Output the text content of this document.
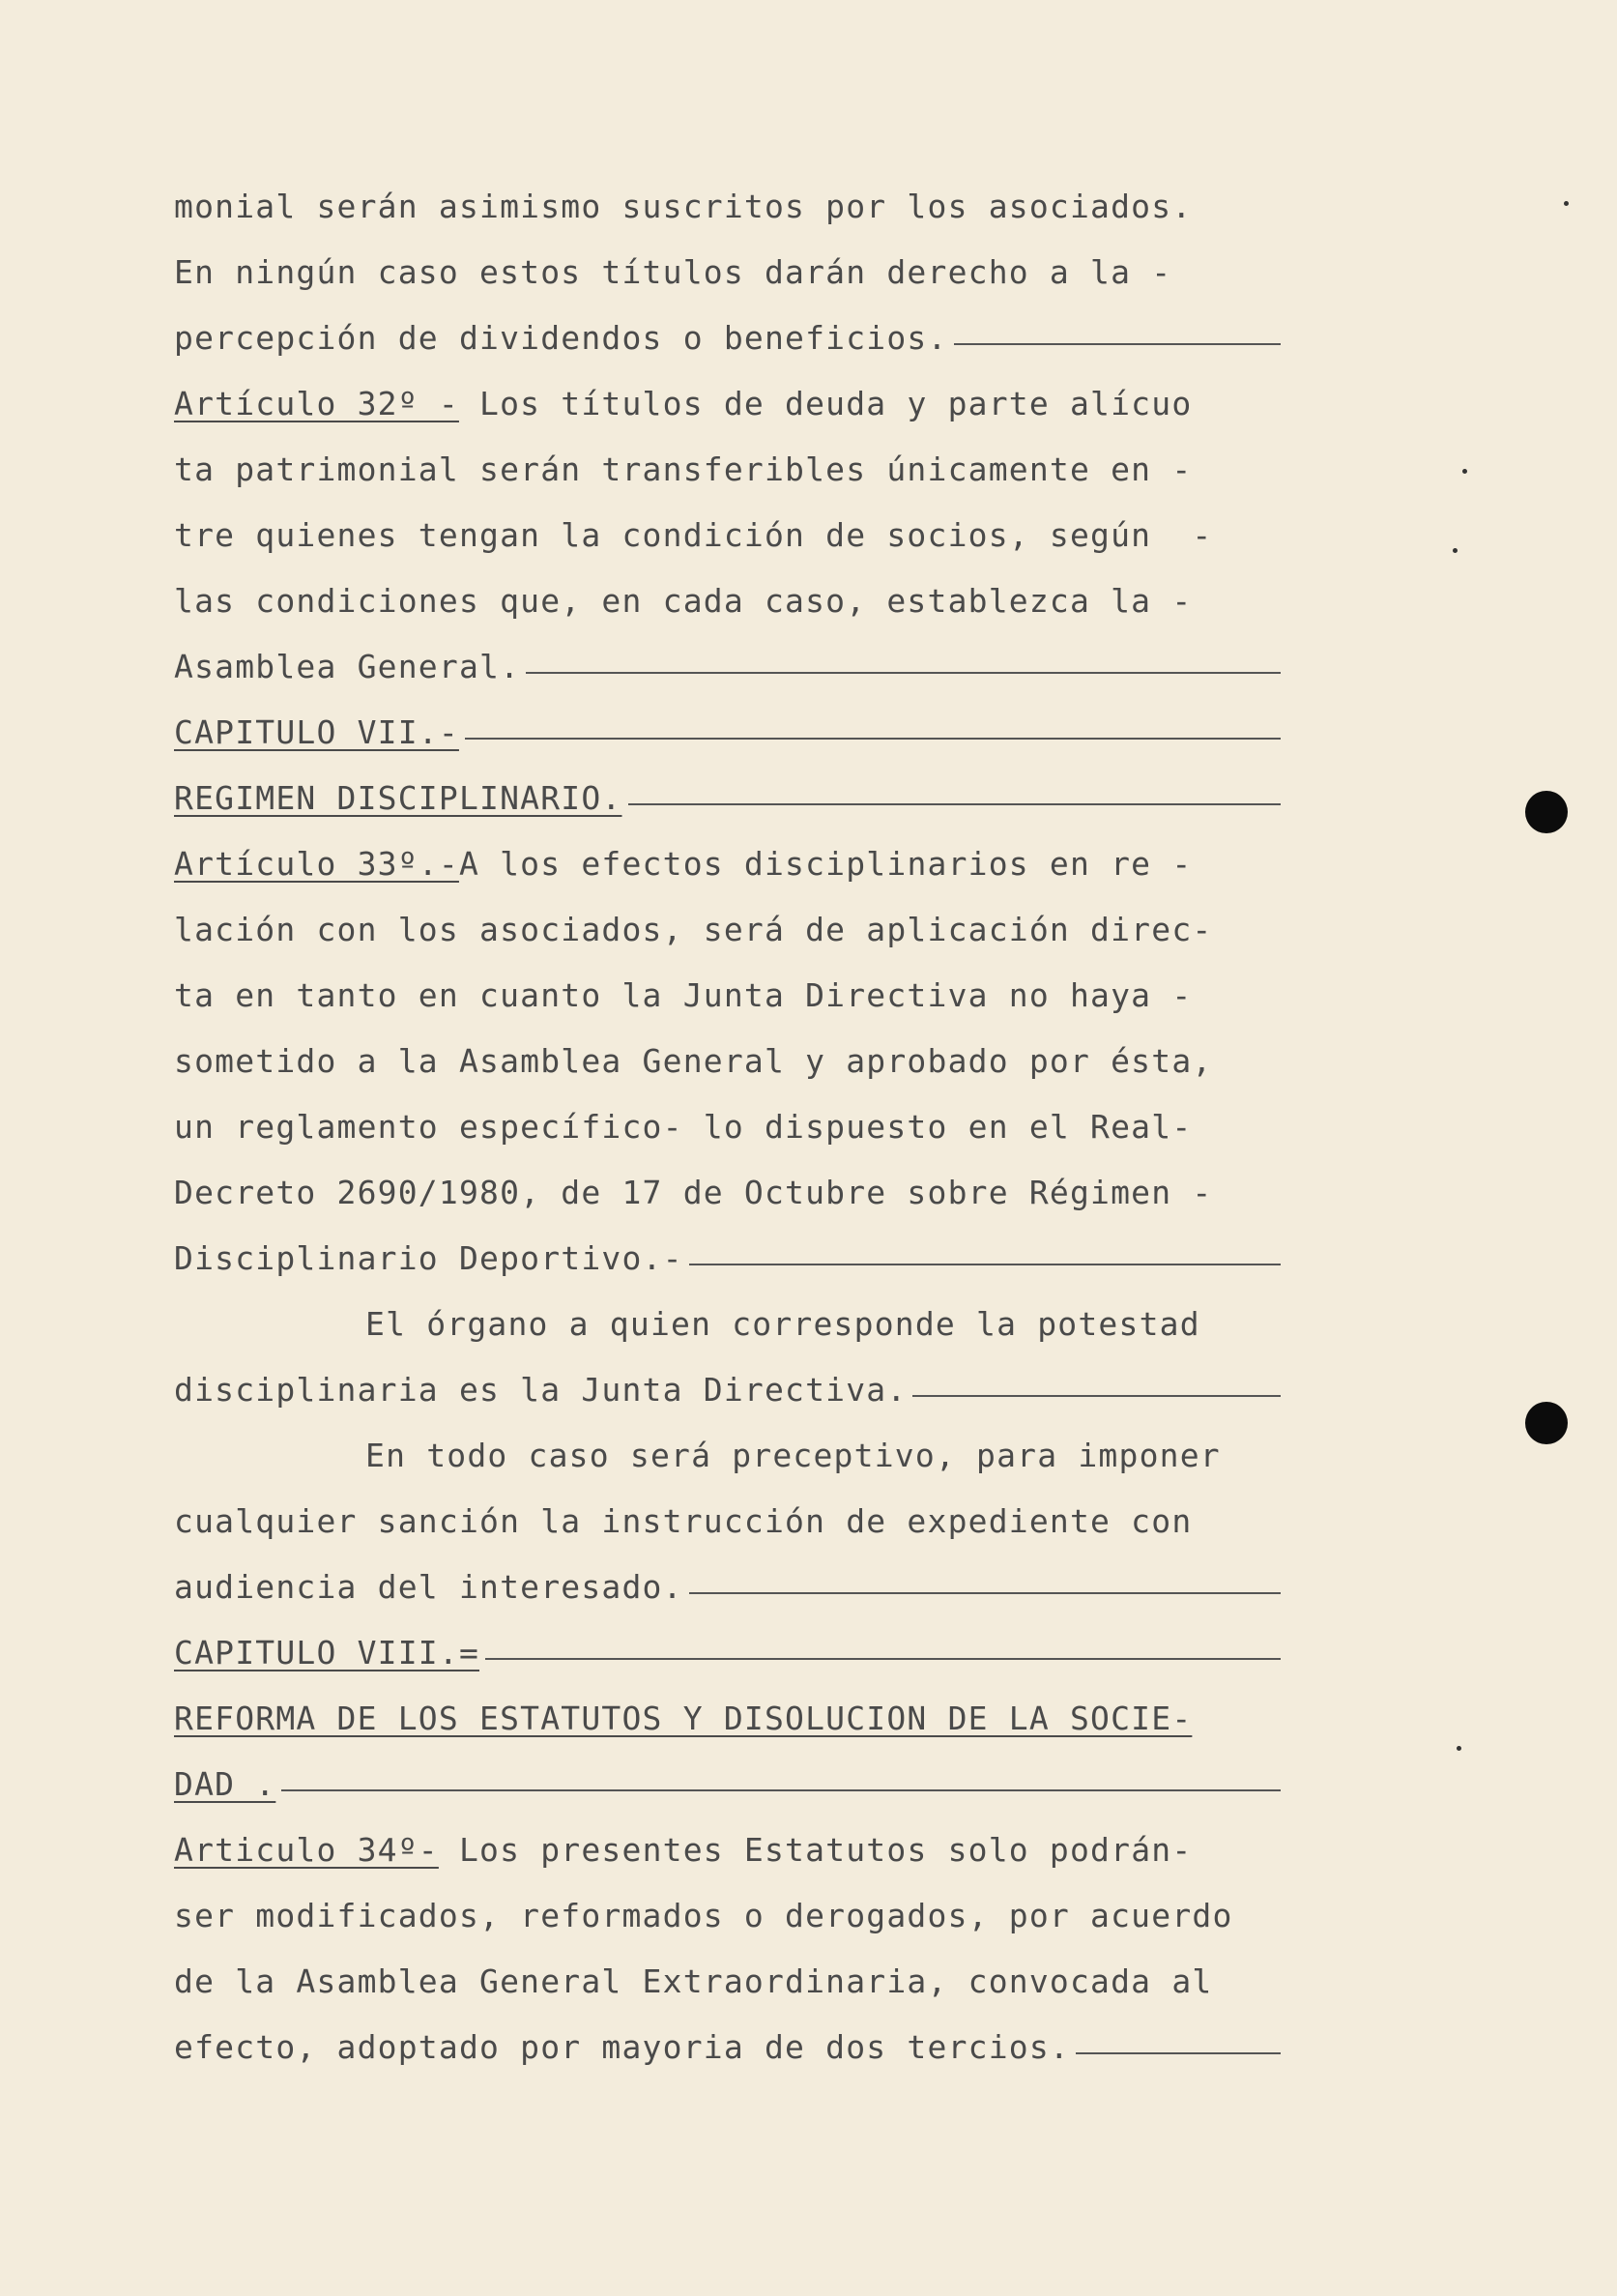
monial serán asimismo suscritos por los asociados.
En ningún caso estos títulos darán derecho a la -
percepción de dividendos o beneficios.
Artículo 32º - Los títulos de deuda y parte alícuo
ta patrimonial serán transferibles únicamente en -
tre quienes tengan la condición de socios, según  -
las condiciones que, en cada caso, establezca la -
Asamblea General.
CAPITULO VII.-
REGIMEN DISCIPLINARIO.
Artículo 33º.- A los efectos disciplinarios en re -
lación con los asociados, será de aplicación direc-
ta en tanto en cuanto la Junta Directiva no haya -
sometido a la Asamblea General y aprobado por ésta,
un reglamento específico- lo dispuesto en el Real-
Decreto 2690/1980, de 17 de Octubre sobre Régimen -
Disciplinario Deportivo.-
El órgano a quien corresponde la potestad
disciplinaria es la Junta Directiva.
En todo caso será preceptivo, para imponer
cualquier sanción la instrucción de expediente con
audiencia del interesado.
CAPITULO VIII.=
REFORMA DE LOS ESTATUTOS Y DISOLUCION DE LA SOCIE-
DAD .
Articulo 34º- Los presentes Estatutos solo podrán-
ser modificados, reformados o derogados, por acuerdo
de la Asamblea General Extraordinaria, convocada al
efecto, adoptado por mayoria de dos tercios.
